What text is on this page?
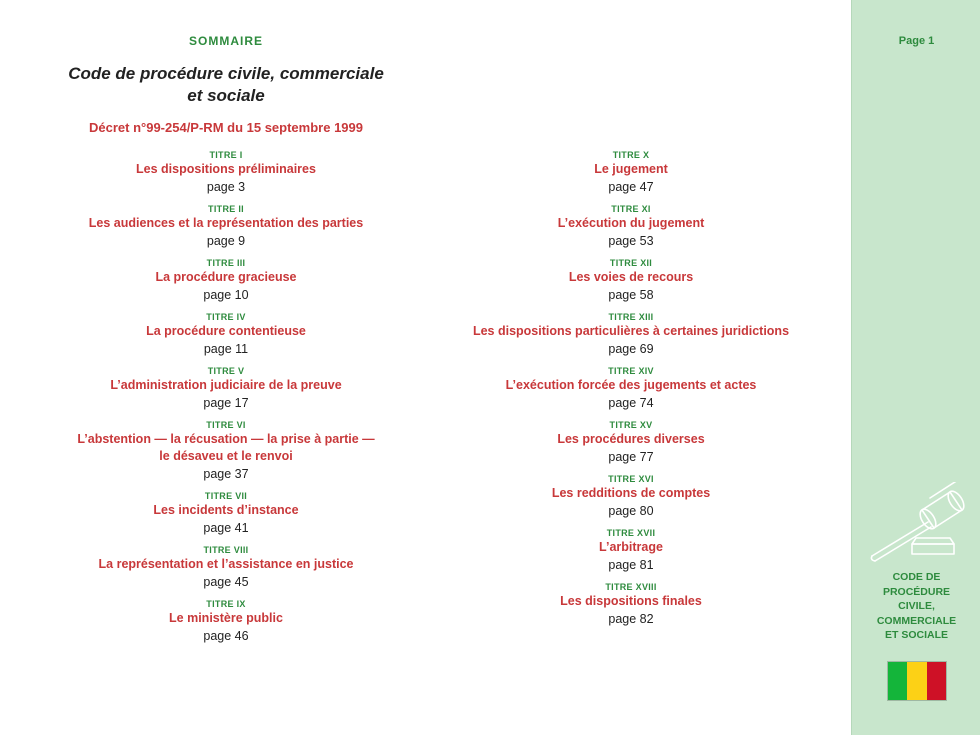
SOMMAIRE

Code de procédure civile, commerciale
et sociale

Décret n°99-254/P-RM du 15 septembre 1999

TITRE I
Les dispositions préliminaires
page 3
TITRE II
Les audiences et la représentation des parties
page 9
TITRE III
La procédure gracieuse
page 10
TITRE IV
La procédure contentieuse
page 11
TITRE V
L’administration judiciaire de la preuve
page 17
TITRE VI
L’abstention — la récusation — la prise à partie —
le désaveu et le renvoi
page 37
TITRE VII
Les incidents d’instance
page 41
TITRE VIII
La représentation et l’assistance en justice
page 45
TITRE IX
Le ministère public
page 46
TITRE X
Le jugement
page 47
TITRE XI
L’exécution du jugement
page 53
TITRE XII
Les voies de recours
page 58
TITRE XIII
Les dispositions particulières à certaines juridictions
page 69
TITRE XIV
L’exécution forcée des jugements et actes
page 74
TITRE XV
Les procédures diverses
page 77
TITRE XVI
Les redditions de comptes
page 80
TITRE XVII
L’arbitrage
page 81
TITRE XVIII
Les dispositions finales
page 82
Page 1
CODE DE
PROCÉDURE
CIVILE,
COMMERCIALE
ET SOCIALE
